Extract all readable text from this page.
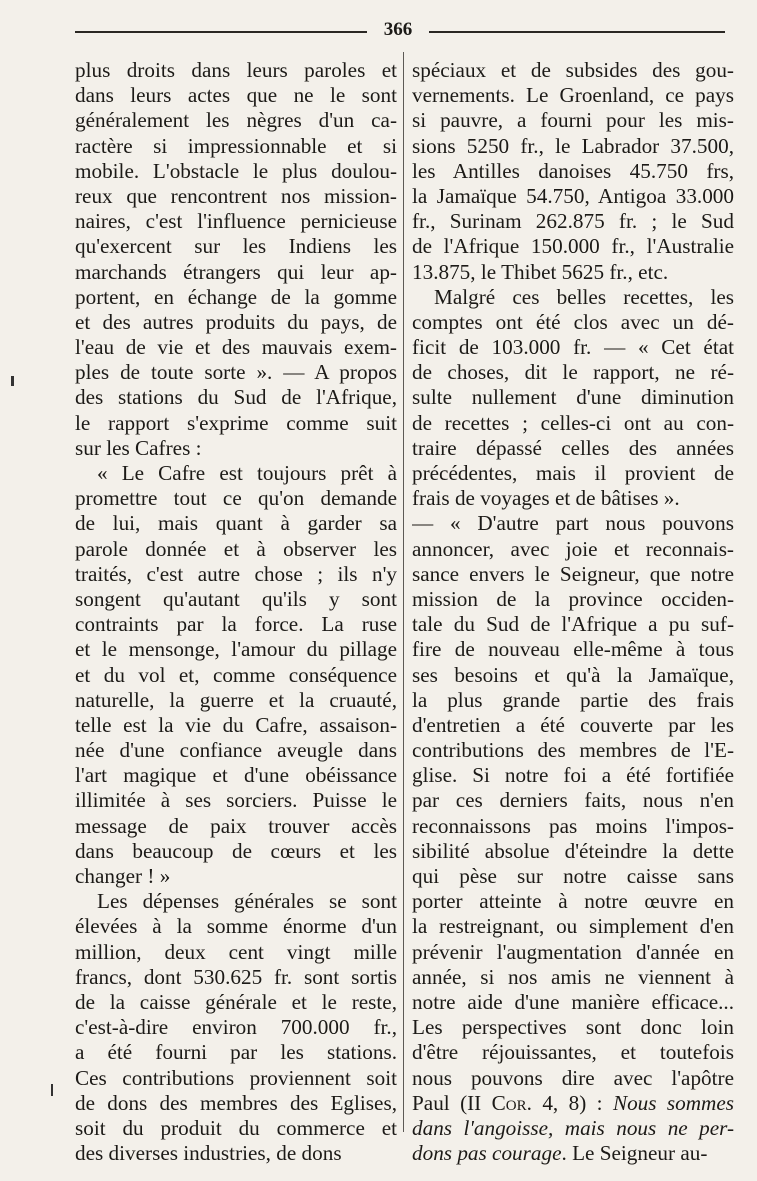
366
plus droits dans leurs paroles et
dans leurs actes que ne le sont
généralement les nègres d'un ca-
ractère si impressionnable et si
mobile. L'obstacle le plus doulou-
reux que rencontrent nos mission-
naires, c'est l'influence pernicieuse
qu'exercent sur les Indiens les
marchands étrangers qui leur ap-
portent, en échange de la gomme
et des autres produits du pays, de
l'eau de vie et des mauvais exem-
ples de toute sorte ». — A propos
des stations du Sud de l'Afrique,
le rapport s'exprime comme suit
sur les Cafres :
« Le Cafre est toujours prêt à
promettre tout ce qu'on demande
de lui, mais quant à garder sa
parole donnée et à observer les
traités, c'est autre chose ; ils n'y
songent qu'autant qu'ils y sont
contraints par la force. La ruse
et le mensonge, l'amour du pillage
et du vol et, comme conséquence
naturelle, la guerre et la cruauté,
telle est la vie du Cafre, assaison-
née d'une confiance aveugle dans
l'art magique et d'une obéissance
illimitée à ses sorciers. Puisse le
message de paix trouver accès
dans beaucoup de cœurs et les
changer ! »
Les dépenses générales se sont
élevées à la somme énorme d'un
million, deux cent vingt mille
francs, dont 530.625 fr. sont sortis
de la caisse générale et le reste,
c'est-à-dire environ 700.000 fr.,
a été fourni par les stations.
Ces contributions proviennent soit
de dons des membres des Eglises,
soit du produit du commerce et
des diverses industries, de dons
spéciaux et de subsides des gou-
vernements. Le Groenland, ce pays
si pauvre, a fourni pour les mis-
sions 5250 fr., le Labrador 37.500,
les Antilles danoises 45.750 frs,
la Jamaïque 54.750, Antigoa 33.000
fr., Surinam 262.875 fr. ; le Sud
de l'Afrique 150.000 fr., l'Australie
13.875, le Thibet 5625 fr., etc.
Malgré ces belles recettes, les
comptes ont été clos avec un dé-
ficit de 103.000 fr. — « Cet état
de choses, dit le rapport, ne ré-
sulte nullement d'une diminution
de recettes ; celles-ci ont au con-
traire dépassé celles des années
précédentes, mais il provient de
frais de voyages et de bâtises ».
— « D'autre part nous pouvons
annoncer, avec joie et reconnais-
sance envers le Seigneur, que notre
mission de la province occiden-
tale du Sud de l'Afrique a pu suf-
fire de nouveau elle-même à tous
ses besoins et qu'à la Jamaïque,
la plus grande partie des frais
d'entretien a été couverte par les
contributions des membres de l'E-
glise. Si notre foi a été fortifiée
par ces derniers faits, nous n'en
reconnaissons pas moins l'impos-
sibilité absolue d'éteindre la dette
qui pèse sur notre caisse sans
porter atteinte à notre œuvre en
la restreignant, ou simplement d'en
prévenir l'augmentation d'année en
année, si nos amis ne viennent à
notre aide d'une manière efficace...
Les perspectives sont donc loin
d'être réjouissantes, et toutefois
nous pouvons dire avec l'apôtre
Paul (II Cor. 4, 8) : Nous sommes
dans l'angoisse, mais nous ne per-
dons pas courage. Le Seigneur au-
